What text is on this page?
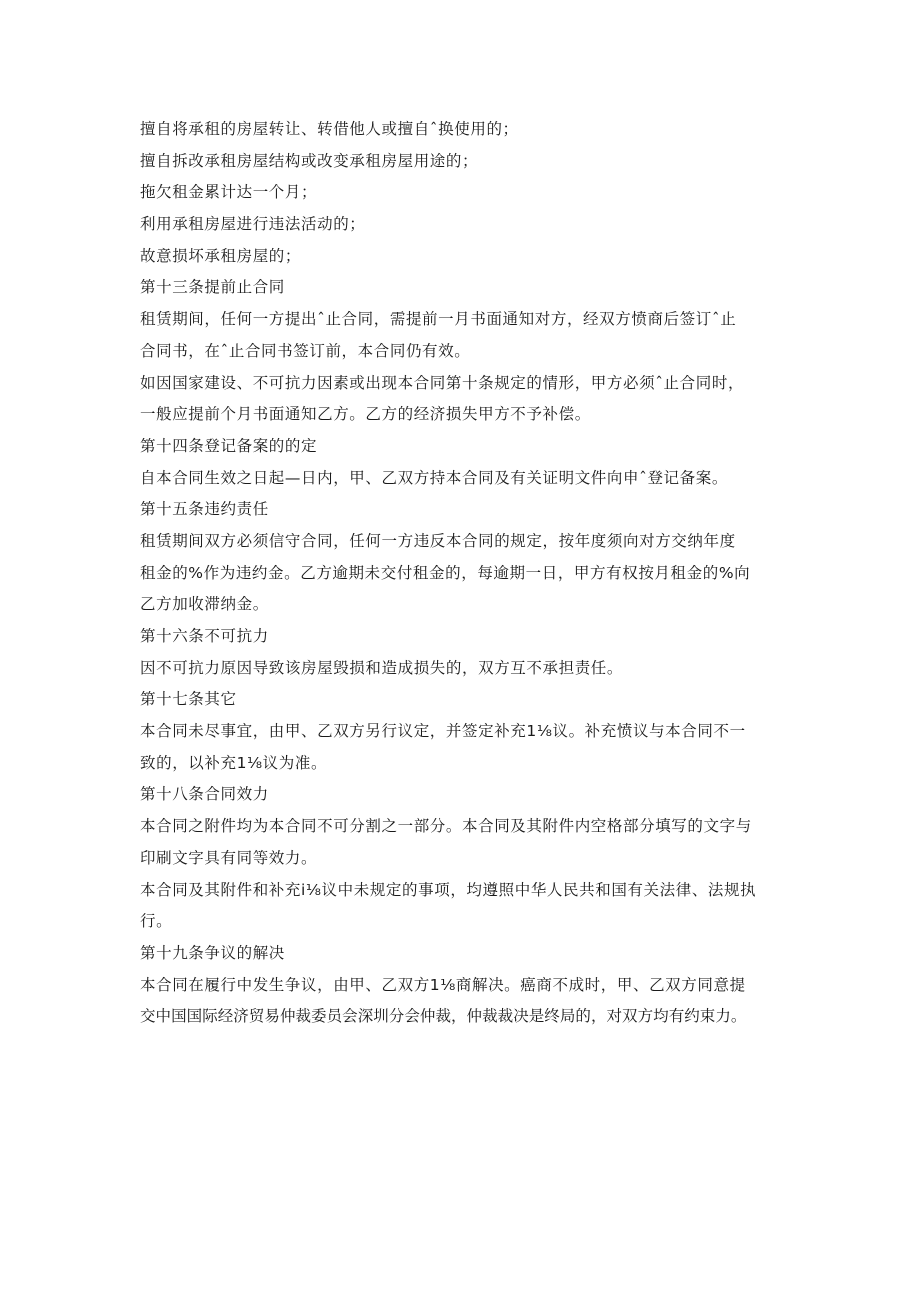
擅自将承租的房屋转让、转借他人或擅自ˆ换使用的；
擅自拆改承租房屋结构或改变承租房屋用途的；
拖欠租金累计达一个月；
利用承租房屋进行违法活动的；
故意损坏承租房屋的；
第十三条提前止合同
租赁期间，任何一方提出ˆ止合同，需提前一月书面通知对方，经双方愤商后签订ˆ止
合同书，在ˆ止合同书签订前，本合同仍有效。
如因国家建设、不可抗力因素或出现本合同第十条规定的情形，甲方必须ˆ止合同时，
一般应提前个月书面通知乙方。乙方的经济损失甲方不予补偿。
第十四条登记备案的的定
自本合同生效之日起—日内，甲、乙双方持本合同及有关证明文件向申ˆ登记备案。
第十五条违约责任
租赁期间双方必须信守合同，任何一方违反本合同的规定，按年度须向对方交纳年度
租金的%作为违约金。乙方逾期未交付租金的，每逾期一日，甲方有权按月租金的%向
乙方加收滞纳金。
第十六条不可抗力
因不可抗力原因导致该房屋毁损和造成损失的，双方互不承担责任。
第十七条其它
本合同未尽事宜，由甲、乙双方另行议定，并签定补充1⅛议。补充愤议与本合同不一
致的，以补充1⅛议为准。
第十八条合同效力
本合同之附件均为本合同不可分割之一部分。本合同及其附件内空格部分填写的文字与
印刷文字具有同等效力。
本合同及其附件和补充i⅛议中未规定的事项，均遵照中华人民共和国有关法律、法规执
行。
第十九条争议的解决
本合同在履行中发生争议，由甲、乙双方1⅛商解决。癌商不成时，甲、乙双方同意提
交中国国际经济贸易仲裁委员会深圳分会仲裁，仲裁裁决是终局的，对双方均有约束力。
